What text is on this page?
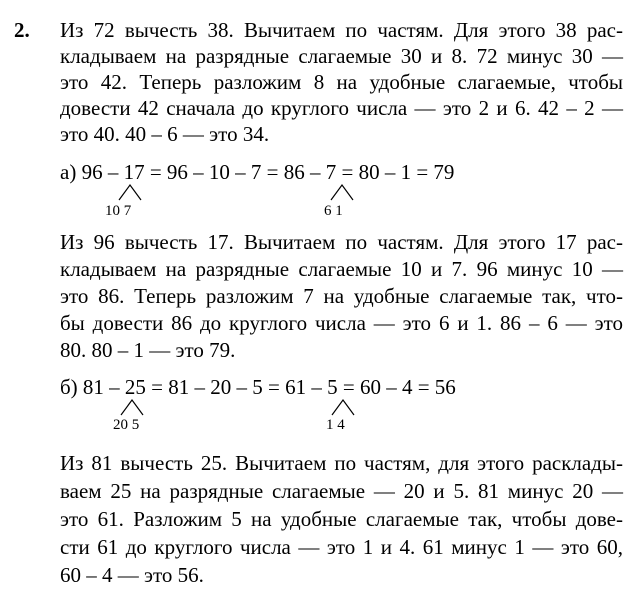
2. Из 72 вычесть 38. Вычитаем по частям. Для этого 38 рас-
кладываем на разрядные слагаемые 30 и 8. 72 минус 30 —
это 42. Теперь разложим 8 на удобные слагаемые, чтобы
довести 42 сначала до круглого числа — это 2 и 6. 42 – 2 —
это 40. 40 – 6 — это 34.
а) 96 – 17 = 96 – 10 – 7 = 86 – 7 = 80 – 1 = 79
10 7	6 1
Из 96 вычесть 17. Вычитаем по частям. Для этого 17 рас-
кладываем на разрядные слагаемые 10 и 7. 96 минус 10 —
это 86. Теперь разложим 7 на удобные слагаемые так, что-
бы довести 86 до круглого числа — это 6 и 1. 86 – 6 — это
80. 80 – 1 — это 79.
б) 81 – 25 = 81 – 20 – 5 = 61 – 5 = 60 – 4 = 56
20 5	1 4
Из 81 вычесть 25. Вычитаем по частям, для этого расклады-
ваем 25 на разрядные слагаемые — 20 и 5. 81 минус 20 —
это 61. Разложим 5 на удобные слагаемые так, чтобы дове-
сти 61 до круглого числа — это 1 и 4. 61 минус 1 — это 60,
60 – 4 — это 56.
